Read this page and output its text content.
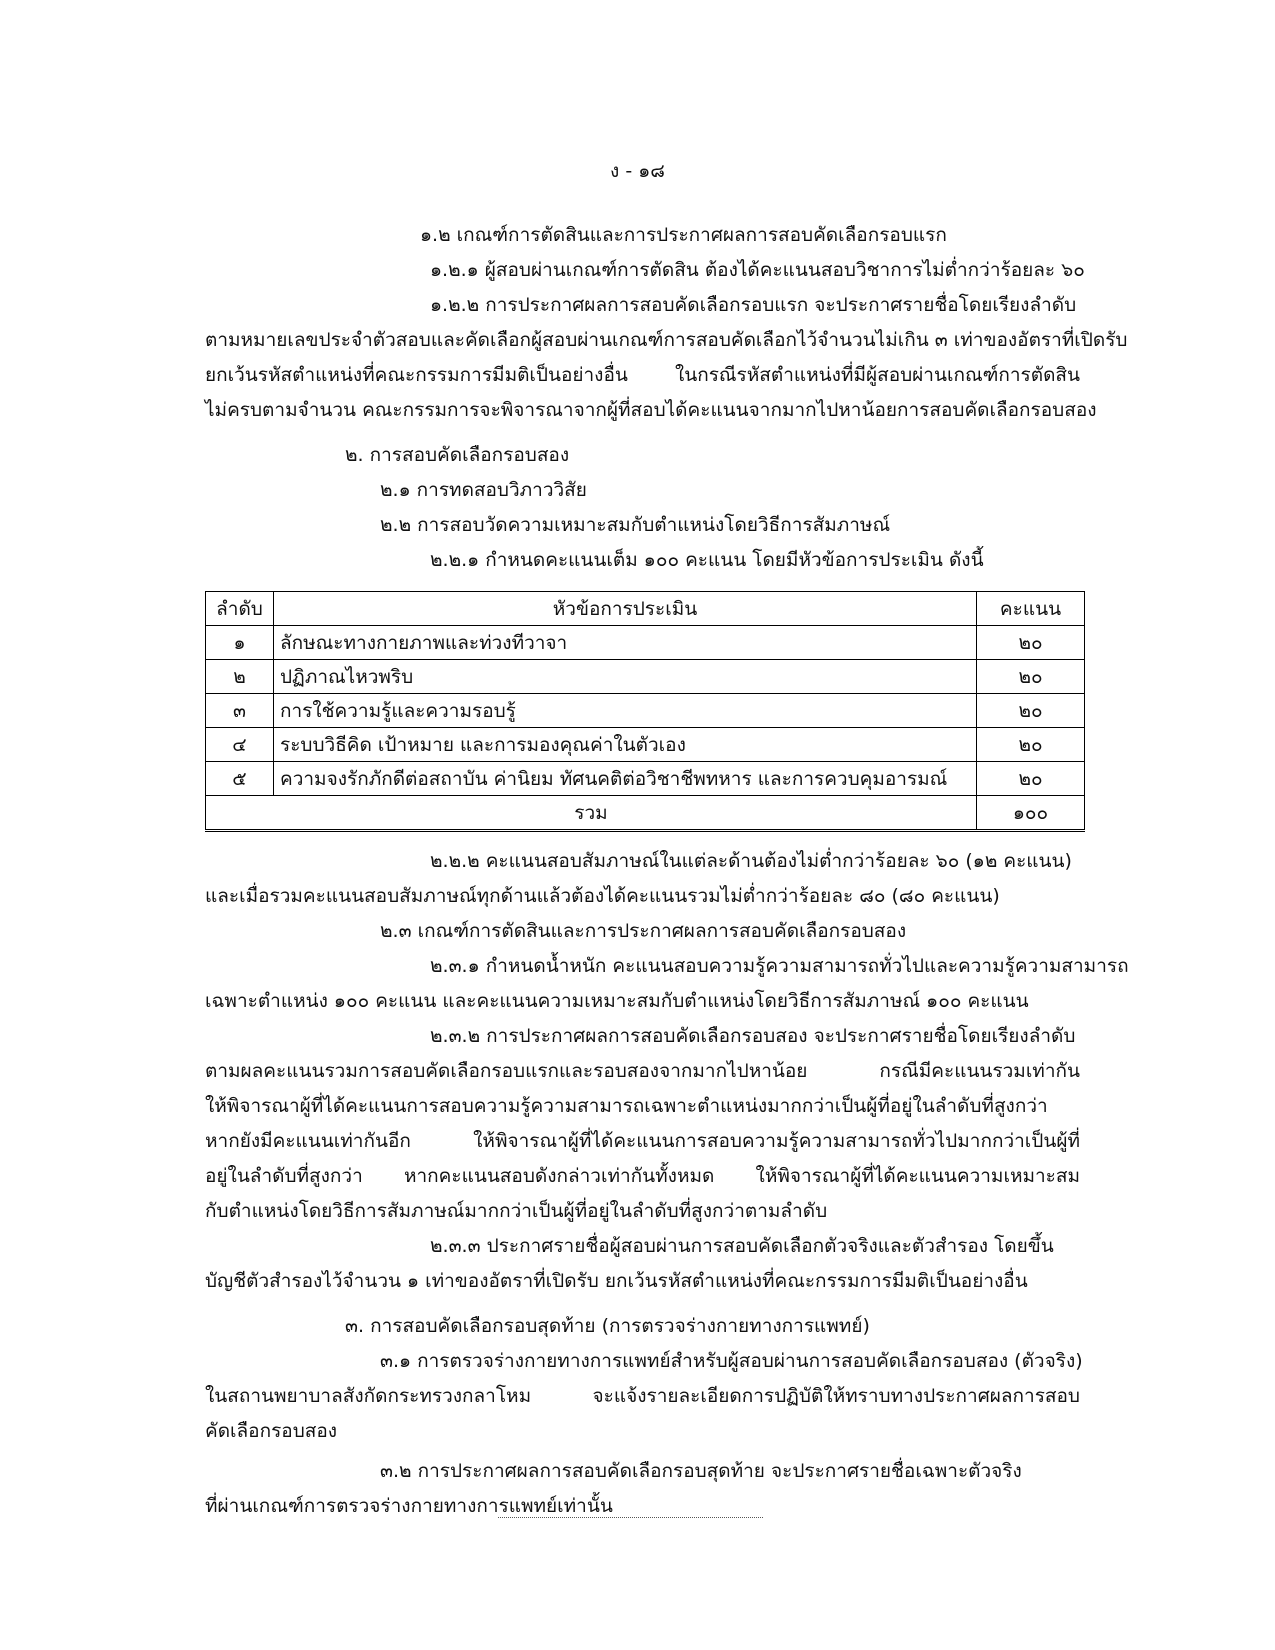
ง - ๑๘
๑.๒ เกณฑ์การตัดสินและการประกาศผลการสอบคัดเลือกรอบแรก
๑.๒.๑ ผู้สอบผ่านเกณฑ์การตัดสิน ต้องได้คะแนนสอบวิชาการไม่ต่ำกว่าร้อยละ ๖๐
๑.๒.๒ การประกาศผลการสอบคัดเลือกรอบแรก จะประกาศรายชื่อโดยเรียงลำดับ
ตามหมายเลขประจำตัวสอบและคัดเลือกผู้สอบผ่านเกณฑ์การสอบคัดเลือกไว้จำนวนไม่เกิน ๓ เท่าของอัตราที่เปิดรับ
ยกเว้นรหัสตำแหน่งที่คณะกรรมการมีมติเป็นอย่างอื่น ในกรณีรหัสตำแหน่งที่มีผู้สอบผ่านเกณฑ์การตัดสิน
ไม่ครบตามจำนวน คณะกรรมการจะพิจารณาจากผู้ที่สอบได้คะแนนจากมากไปหาน้อยการสอบคัดเลือกรอบสอง
๒. การสอบคัดเลือกรอบสอง
๒.๑ การทดสอบวิภาววิสัย
๒.๒ การสอบวัดความเหมาะสมกับตำแหน่งโดยวิธีการสัมภาษณ์
๒.๒.๑ กำหนดคะแนนเต็ม ๑๐๐ คะแนน โดยมีหัวข้อการประเมิน ดังนี้
ลำดับ	หัวข้อการประเมิน	คะแนน
๑	ลักษณะทางกายภาพและท่วงทีวาจา	๒๐
๒	ปฏิภาณไหวพริบ	๒๐
๓	การใช้ความรู้และความรอบรู้	๒๐
๔	ระบบวิธีคิด เป้าหมาย และการมองคุณค่าในตัวเอง	๒๐
๕	ความจงรักภักดีต่อสถาบัน ค่านิยม ทัศนคติต่อวิชาชีพทหาร และการควบคุมอารมณ์	๒๐
รวม		๑๐๐
๒.๒.๒ คะแนนสอบสัมภาษณ์ในแต่ละด้านต้องไม่ต่ำกว่าร้อยละ ๖๐ (๑๒ คะแนน)
และเมื่อรวมคะแนนสอบสัมภาษณ์ทุกด้านแล้วต้องได้คะแนนรวมไม่ต่ำกว่าร้อยละ ๘๐ (๘๐ คะแนน)
๒.๓ เกณฑ์การตัดสินและการประกาศผลการสอบคัดเลือกรอบสอง
๒.๓.๑ กำหนดน้ำหนัก คะแนนสอบความรู้ความสามารถทั่วไปและความรู้ความสามารถ
เฉพาะตำแหน่ง ๑๐๐ คะแนน และคะแนนความเหมาะสมกับตำแหน่งโดยวิธีการสัมภาษณ์ ๑๐๐ คะแนน
๒.๓.๒ การประกาศผลการสอบคัดเลือกรอบสอง จะประกาศรายชื่อโดยเรียงลำดับ
ตามผลคะแนนรวมการสอบคัดเลือกรอบแรกและรอบสองจากมากไปหาน้อย กรณีมีคะแนนรวมเท่ากัน
ให้พิจารณาผู้ที่ได้คะแนนการสอบความรู้ความสามารถเฉพาะตำแหน่งมากกว่าเป็นผู้ที่อยู่ในลำดับที่สูงกว่า
หากยังมีคะแนนเท่ากันอีก ให้พิจารณาผู้ที่ได้คะแนนการสอบความรู้ความสามารถทั่วไปมากกว่าเป็นผู้ที่
อยู่ในลำดับที่สูงกว่า หากคะแนนสอบดังกล่าวเท่ากันทั้งหมด ให้พิจารณาผู้ที่ได้คะแนนความเหมาะสม
กับตำแหน่งโดยวิธีการสัมภาษณ์มากกว่าเป็นผู้ที่อยู่ในลำดับที่สูงกว่าตามลำดับ
๒.๓.๓ ประกาศรายชื่อผู้สอบผ่านการสอบคัดเลือกตัวจริงและตัวสำรอง โดยขึ้น
บัญชีตัวสำรองไว้จำนวน ๑ เท่าของอัตราที่เปิดรับ ยกเว้นรหัสตำแหน่งที่คณะกรรมการมีมติเป็นอย่างอื่น
๓. การสอบคัดเลือกรอบสุดท้าย (การตรวจร่างกายทางการแพทย์)
๓.๑ การตรวจร่างกายทางการแพทย์สำหรับผู้สอบผ่านการสอบคัดเลือกรอบสอง (ตัวจริง)
ในสถานพยาบาลสังกัดกระทรวงกลาโหม จะแจ้งรายละเอียดการปฏิบัติให้ทราบทางประกาศผลการสอบ
คัดเลือกรอบสอง
๓.๒ การประกาศผลการสอบคัดเลือกรอบสุดท้าย จะประกาศรายชื่อเฉพาะตัวจริง
ที่ผ่านเกณฑ์การตรวจร่างกายทางการแพทย์เท่านั้น
